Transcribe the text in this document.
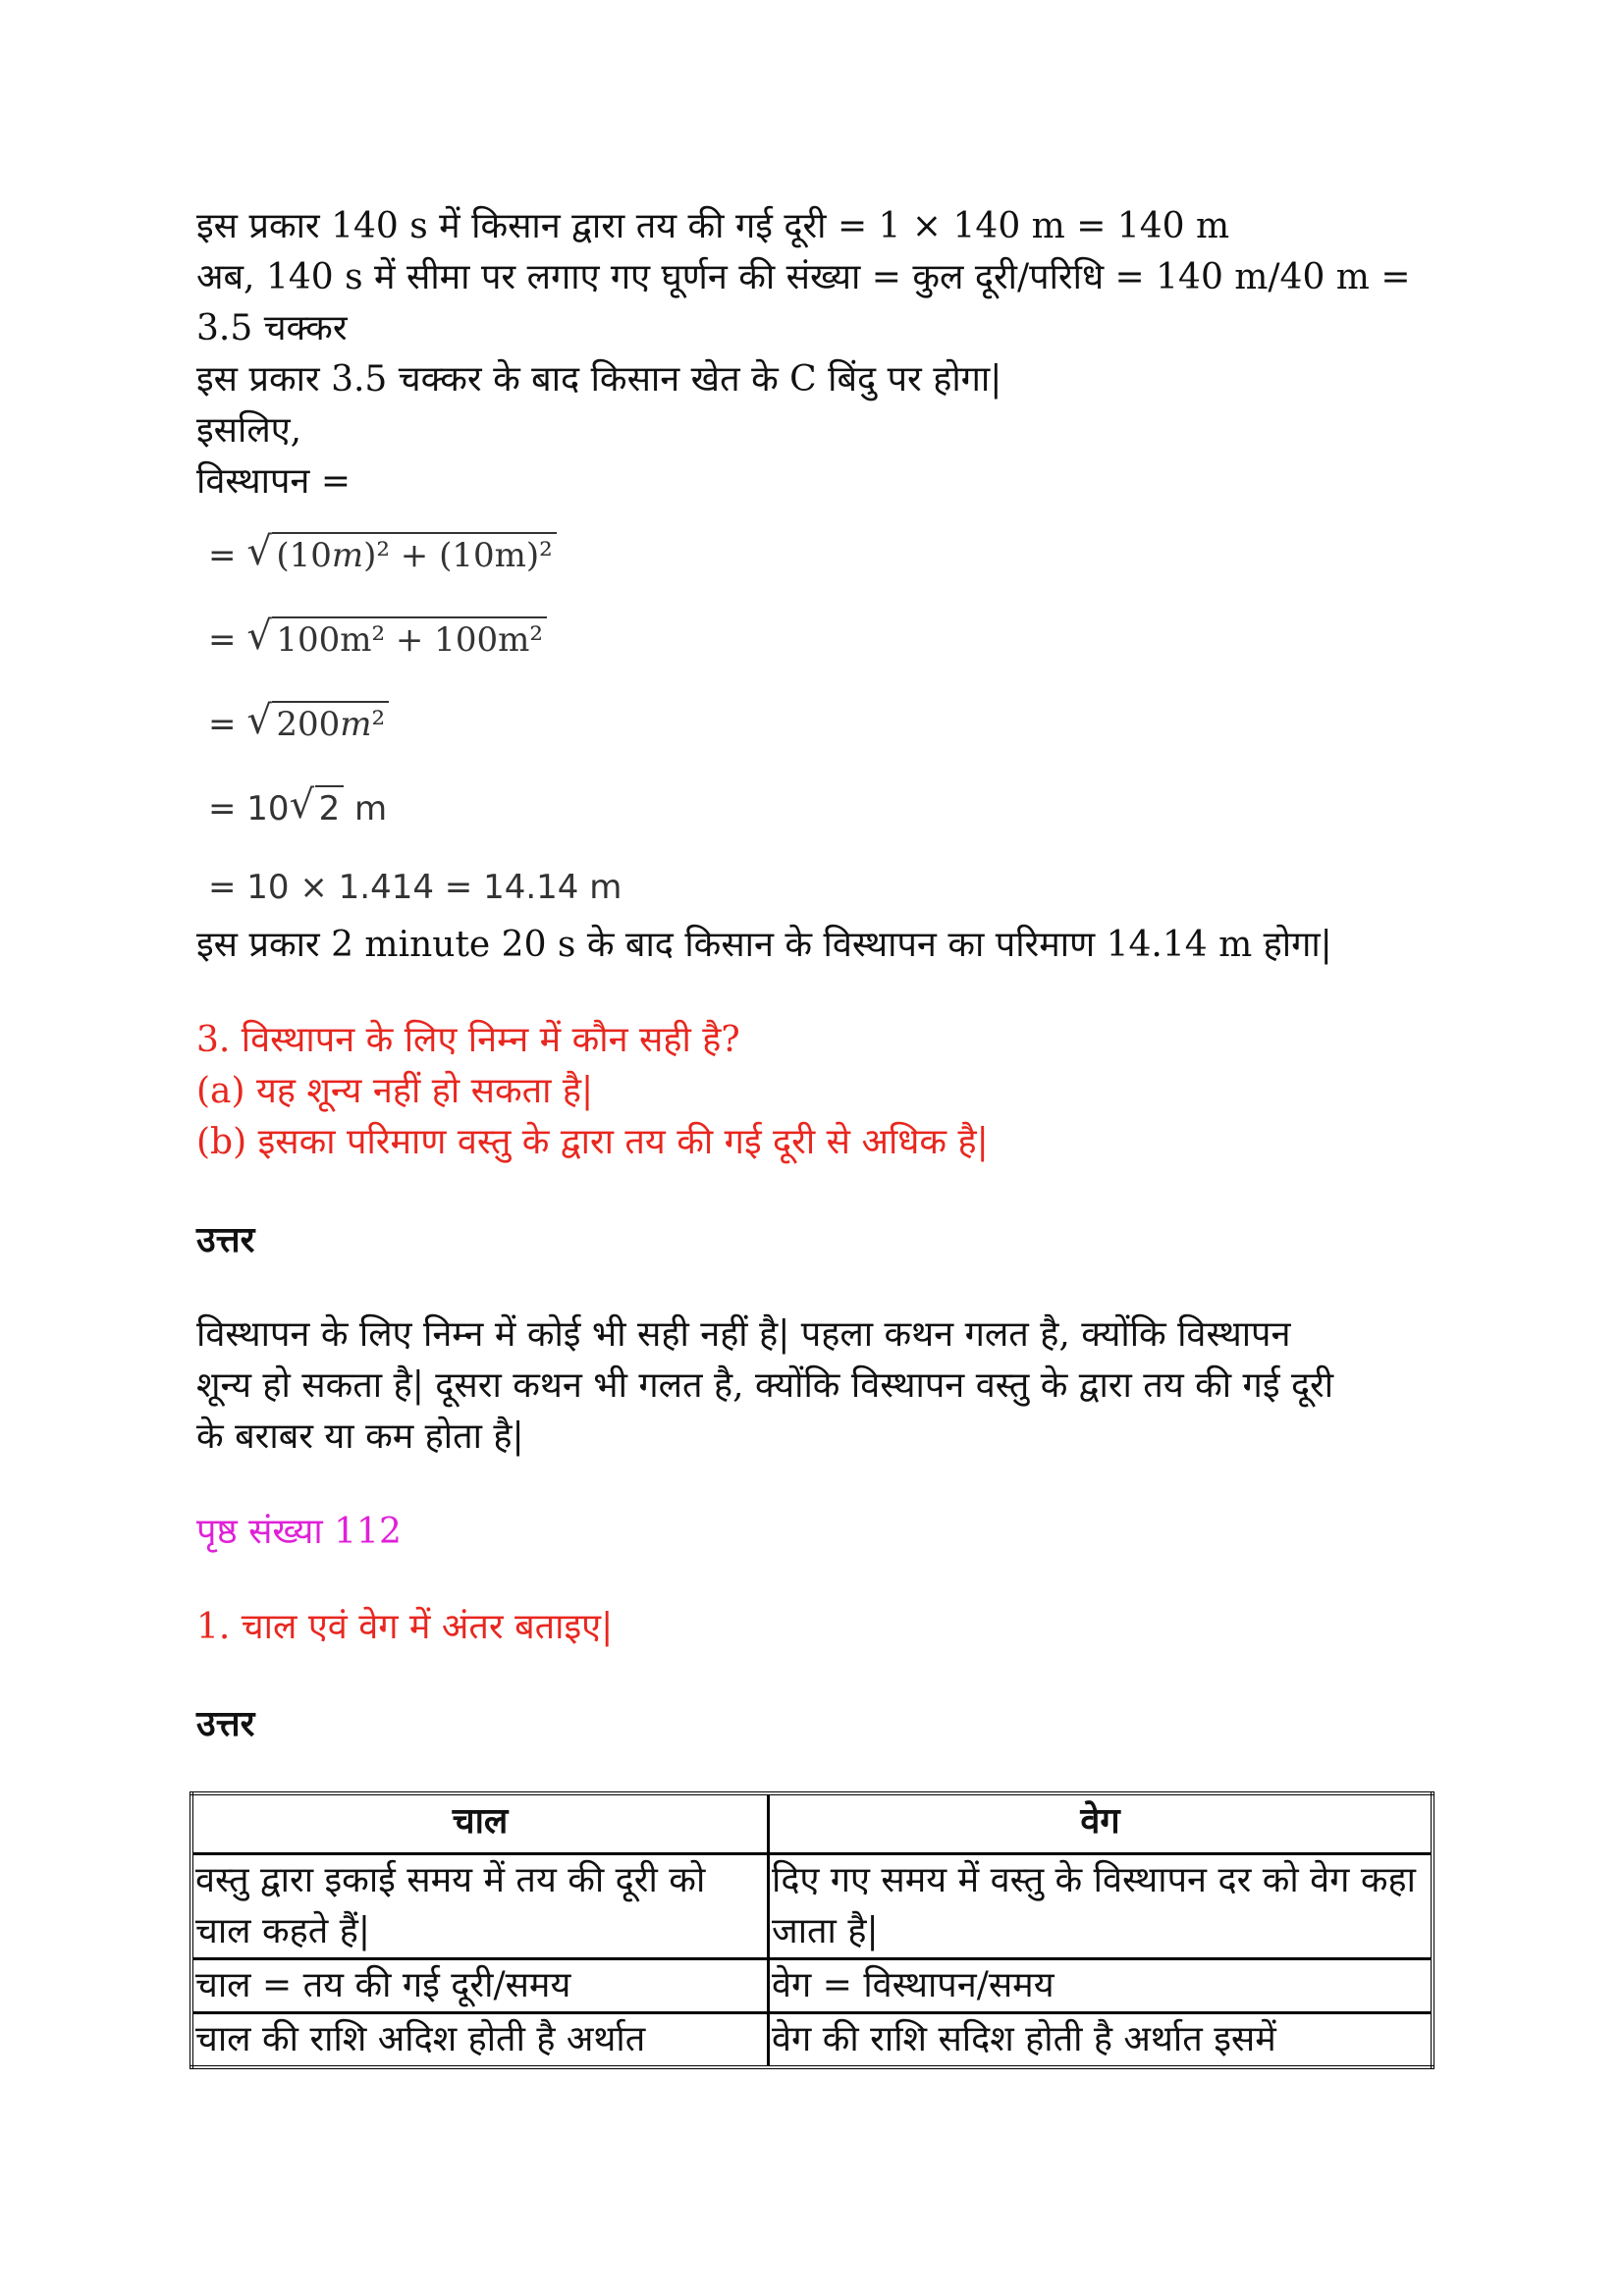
इस प्रकार 140 s में किसान द्वारा तय की गई दूरी = 1 × 140 m = 140 m
अब, 140 s में सीमा पर लगाए गए घूर्णन की संख्या = कुल दूरी/परिधि = 140 m/40 m =
3.5 चक्कर
इस प्रकार 3.5 चक्कर के बाद किसान खेत के C बिंदु पर होगा|
इसलिए,
विस्थापन =
= √ (10𝑚)² + (10m)²
= √ 100m² + 100m²
= √ 200𝑚²
= 10 √ 2 m
= 10 × 1.414 = 14.14 m
इस प्रकार 2 minute 20 s के बाद किसान के विस्थापन का परिमाण 14.14 m होगा|
3. विस्थापन के लिए निम्न में कौन सही है?
(a) यह शून्य नहीं हो सकता है|
(b) इसका परिमाण वस्तु के द्वारा तय की गई दूरी से अधिक है|
उत्तर
विस्थापन के लिए निम्न में कोई भी सही नहीं है| पहला कथन गलत है, क्योंकि विस्थापन
शून्य हो सकता है| दूसरा कथन भी गलत है, क्योंकि विस्थापन वस्तु के द्वारा तय की गई दूरी
के बराबर या कम होता है|
पृष्ठ संख्या 112
1. चाल एवं वेग में अंतर बताइए|
उत्तर
चाल	वेग
वस्तु द्वारा इकाई समय में तय की दूरी को चाल कहते हैं|	दिए गए समय में वस्तु के विस्थापन दर को वेग कहा जाता है|
चाल = तय की गई दूरी/समय	वेग = विस्थापन/समय
चाल की राशि अदिश होती है अर्थात	वेग की राशि सदिश होती है अर्थात इसमें
